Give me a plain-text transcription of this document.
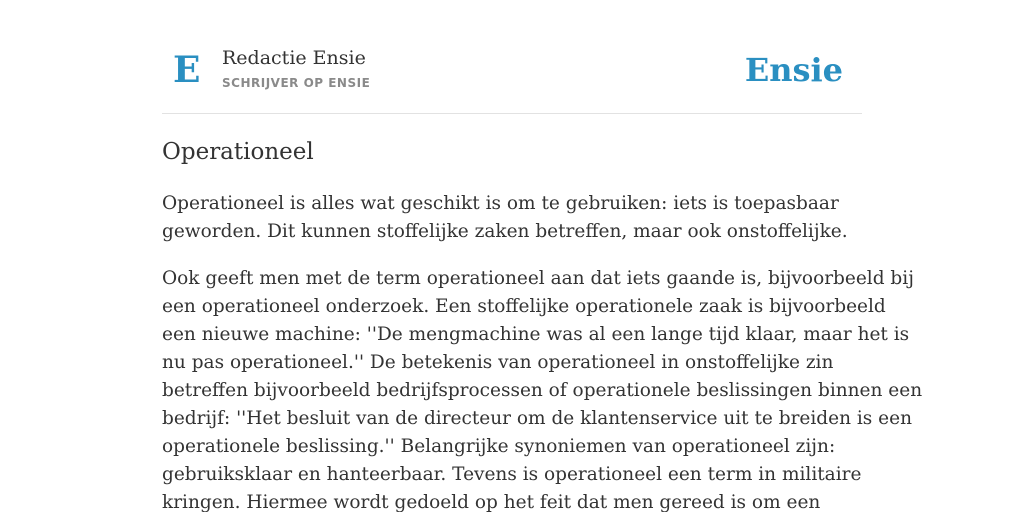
E Redactie Ensie
SCHRIJVER OP ENSIE	Ensie
Operationeel

Operationeel is alles wat geschikt is om te gebruiken: iets is toepasbaar
geworden. Dit kunnen stoffelijke zaken betreffen, maar ook onstoffelijke.

Ook geeft men met de term operationeel aan dat iets gaande is, bijvoorbeeld bij
een operationeel onderzoek. Een stoffelijke operationele zaak is bijvoorbeeld
een nieuwe machine: ''De mengmachine was al een lange tijd klaar, maar het is
nu pas operationeel.'' De betekenis van operationeel in onstoffelijke zin
betreffen bijvoorbeeld bedrijfsprocessen of operationele beslissingen binnen een
bedrijf: ''Het besluit van de directeur om de klantenservice uit te breiden is een
operationele beslissing.'' Belangrijke synoniemen van operationeel zijn:
gebruiksklaar en hanteerbaar. Tevens is operationeel een term in militaire
kringen. Hiermee wordt gedoeld op het feit dat men gereed is om een
